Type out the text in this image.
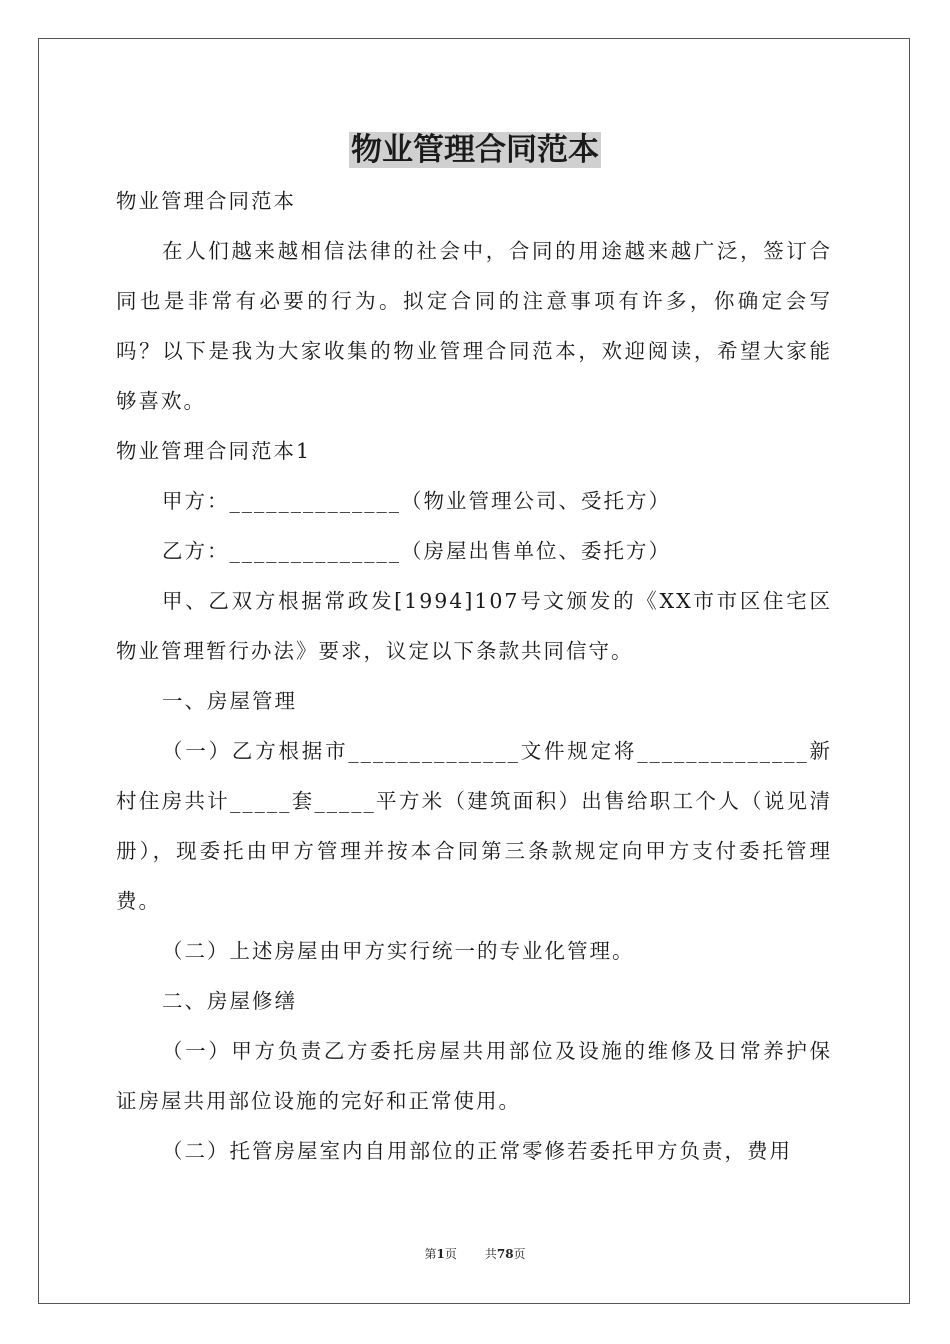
物业管理合同范本

物业管理合同范本

在人们越来越相信法律的社会中，合同的用途越来越广泛，签订合同也是非常有必要的行为。拟定合同的注意事项有许多，你确定会写吗？以下是我为大家收集的物业管理合同范本，欢迎阅读，希望大家能够喜欢。

物业管理合同范本1

甲方：______________（物业管理公司、受托方）

乙方：______________（房屋出售单位、委托方）

甲、乙双方根据常政发[1994]107号文颁发的《XX市市区住宅区物业管理暂行办法》要求，议定以下条款共同信守。

一、房屋管理

（一）乙方根据市______________文件规定将______________新村住房共计_____套_____平方米（建筑面积）出售给职工个人（说见清册），现委托由甲方管理并按本合同第三条款规定向甲方支付委托管理费。

（二）上述房屋由甲方实行统一的专业化管理。

二、房屋修缮

（一）甲方负责乙方委托房屋共用部位及设施的维修及日常养护保证房屋共用部位设施的完好和正常使用。

（二）托管房屋室内自用部位的正常零修若委托甲方负责，费用

第1页 共78页
